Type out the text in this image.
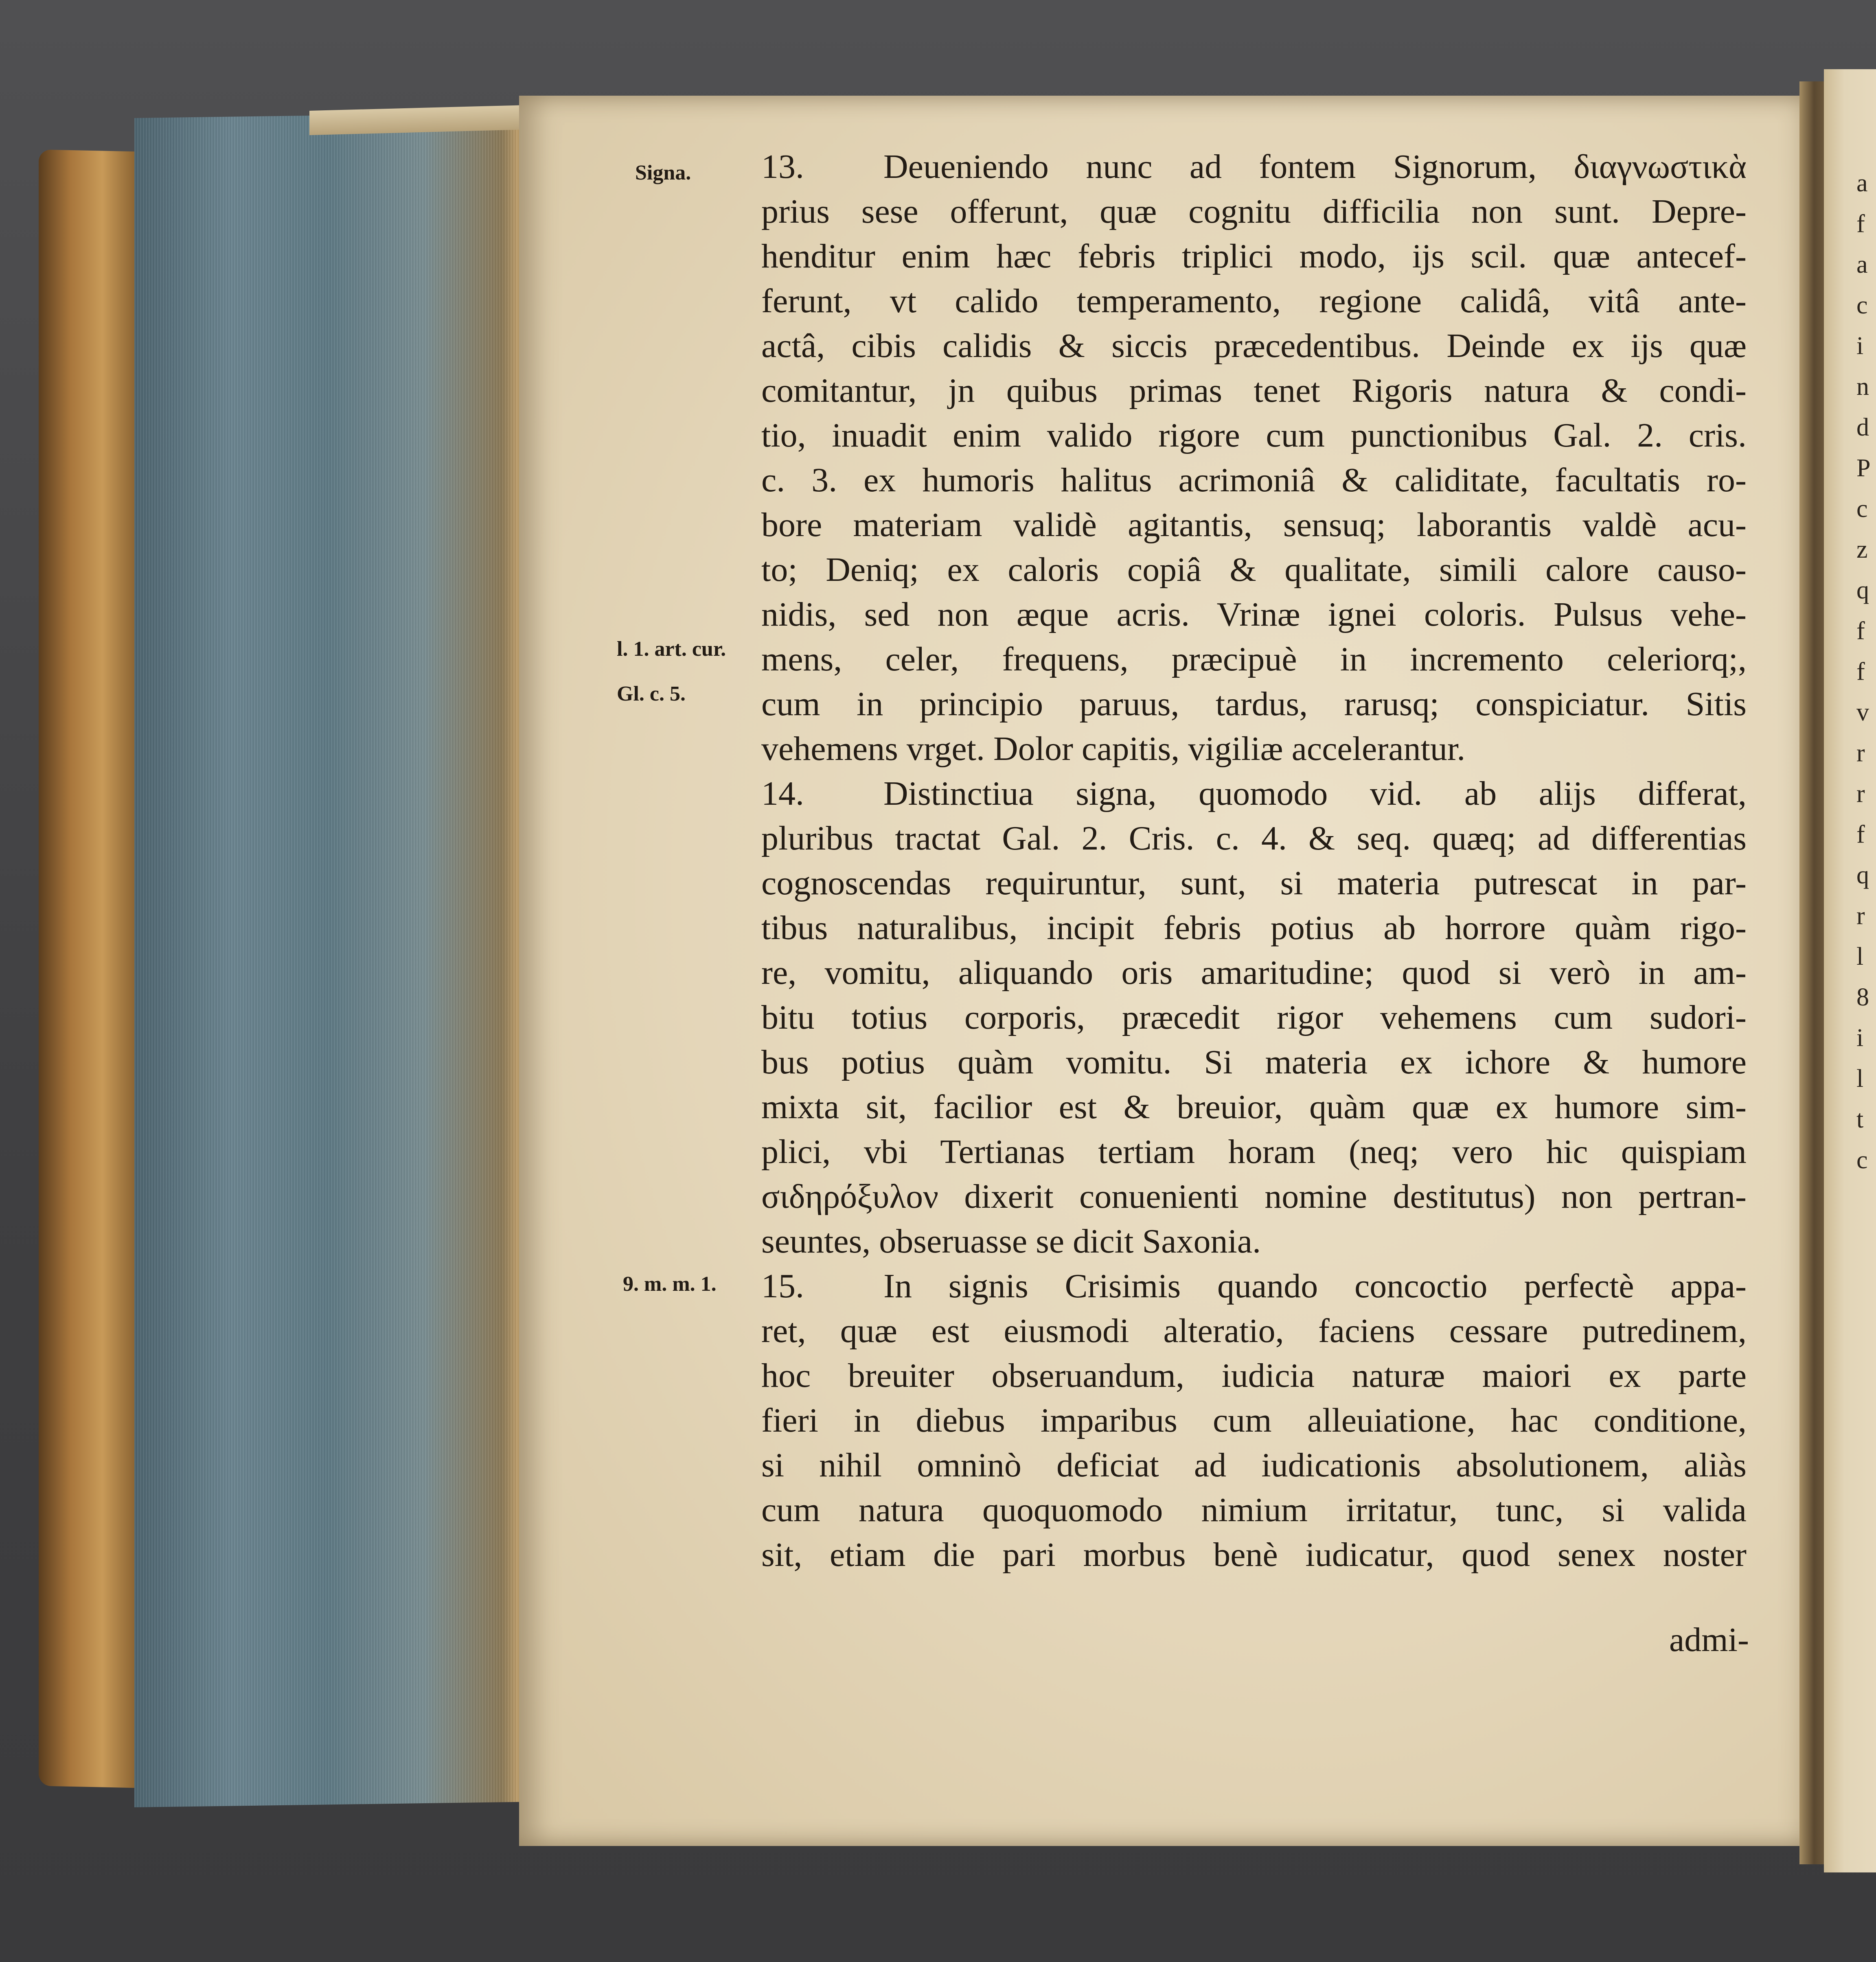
a
f
a
c
i
n
d
P
c
z
q
f
f
v
r
r
f
q
r
l
8
i
l
t
c
Signa.
l. 1. art. cur.
Gl. c. 5.
9. m. m. 1.
13. Deueniendo nunc ad fontem Signorum, διαγνωστικὰ
prius sese offerunt, quæ cognitu difficilia non sunt. Depre-
henditur enim hæc febris triplici modo, ijs scil. quæ antecef-
ferunt, vt calido temperamento, regione calidâ, vitâ ante-
actâ, cibis calidis & siccis præcedentibus. Deinde ex ijs quæ
comitantur, jn quibus primas tenet Rigoris natura & condi-
tio, inuadit enim valido rigore cum punctionibus Gal. 2. cris.
c. 3. ex humoris halitus acrimoniâ & caliditate, facultatis ro-
bore materiam validè agitantis, sensuq; laborantis valdè acu-
to; Deniq; ex caloris copiâ & qualitate, simili calore causo-
nidis, sed non æque acris. Vrinæ ignei coloris. Pulsus vehe-
mens, celer, frequens, præcipuè in incremento celeriorq;,
cum in principio paruus, tardus, rarusq; conspiciatur. Sitis
vehemens vrget. Dolor capitis, vigiliæ accelerantur.
14. Distinctiua signa, quomodo vid. ab alijs differat,
pluribus tractat Gal. 2. Cris. c. 4. & seq. quæq; ad differentias
cognoscendas requiruntur, sunt, si materia putrescat in par-
tibus naturalibus, incipit febris potius ab horrore quàm rigo-
re, vomitu, aliquando oris amaritudine; quod si verò in am-
bitu totius corporis, præcedit rigor vehemens cum sudori-
bus potius quàm vomitu. Si materia ex ichore & humore
mixta sit, facilior est & breuior, quàm quæ ex humore sim-
plici, vbi Tertianas tertiam horam (neq; vero hic quispiam
σιδηρόξυλον dixerit conuenienti nomine destitutus) non pertran-
seuntes, obseruasse se dicit Saxonia.
15. In signis Crisimis quando concoctio perfectè appa-
ret, quæ est eiusmodi alteratio, faciens cessare putredinem,
hoc breuiter obseruandum, iudicia naturæ maiori ex parte
fieri in diebus imparibus cum alleuiatione, hac conditione,
si nihil omninò deficiat ad iudicationis absolutionem, aliàs
cum natura quoquomodo nimium irritatur, tunc, si valida
sit, etiam die pari morbus benè iudicatur, quod senex noster
admi-
